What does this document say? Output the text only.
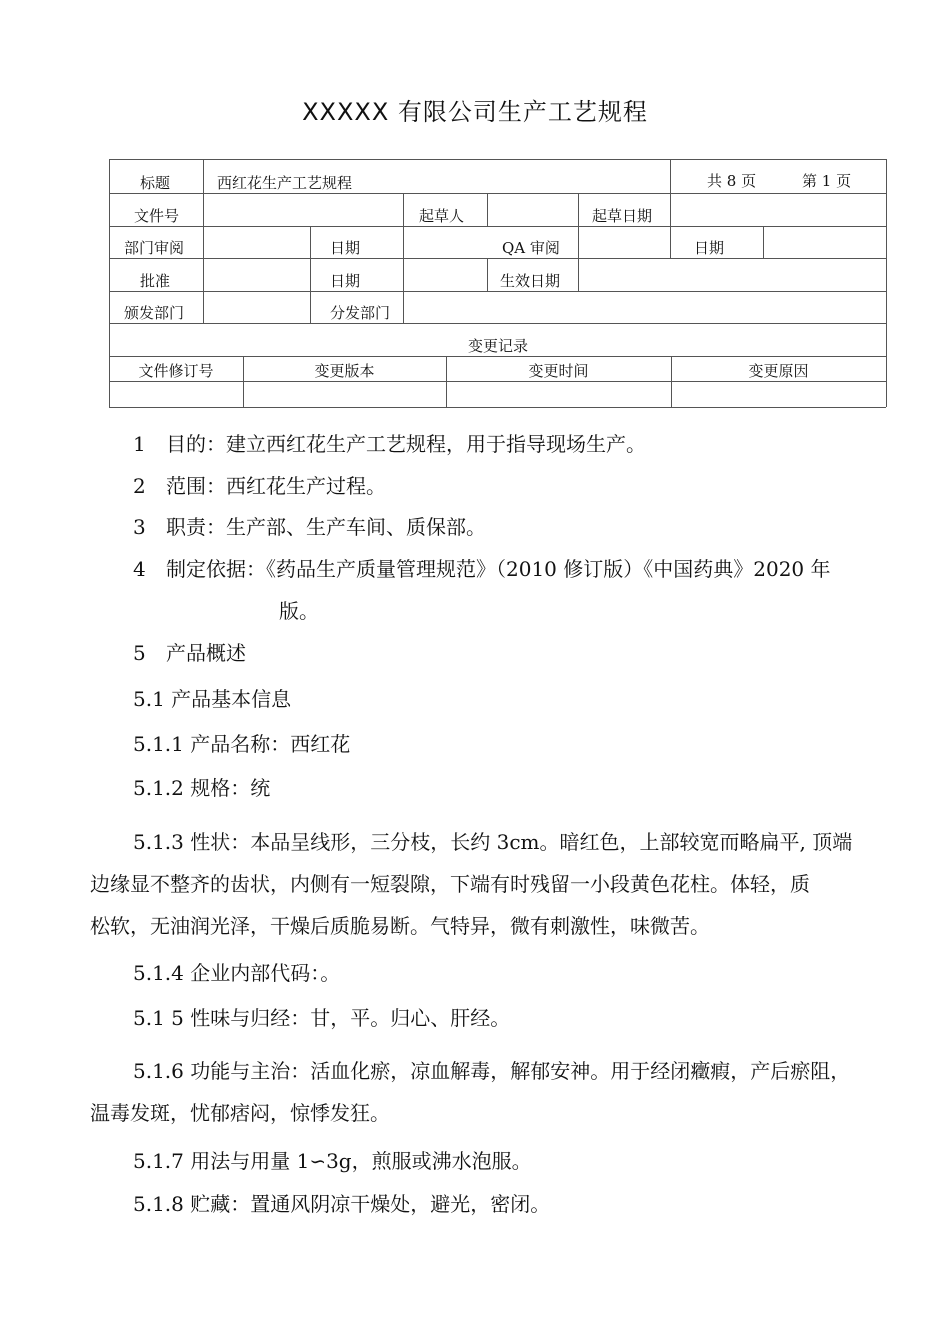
XXXXX 有限公司生产工艺规程
标题	西红花生产工艺规程	共 8 页	第 1 页
文件号	起草人	起草日期
部门审阅	日期	QA 审阅	日期
批准	日期	生效日期
颁发部门	分发部门
变更记录
文件修订号	变更版本	变更时间	变更原因
1 目的：建立西红花生产工艺规程，用于指导现场生产。
2 范围：西红花生产过程。
3 职责：生产部、生产车间、质保部。
4 制定依据：《药品生产质量管理规范》（2010 修订版）《中国药典》2020 年
版。
5 产品概述
5.1 产品基本信息
5.1.1 产品名称：西红花
5.1.2 规格：统
5.1.3 性状：本品呈线形，三分枝，长约 3cm。暗红色，上部较宽而略扁平, 顶端
边缘显不整齐的齿状，内侧有一短裂隙，下端有时残留一小段黄色花柱。体轻，质
松软，无油润光泽，干燥后质脆易断。气特异，微有刺激性，味微苦。
5.1.4 企业内部代码：。
5.1 5 性味与归经：甘，平。归心、肝经。
5.1.6 功能与主治：活血化瘀，凉血解毒，解郁安神。用于经闭癥瘕，产后瘀阻，
温毒发斑，忧郁痞闷，惊悸发狂。
5.1.7 用法与用量 1∽3g，煎服或沸水泡服。
5.1.8 贮藏：置通风阴凉干燥处，避光，密闭。
